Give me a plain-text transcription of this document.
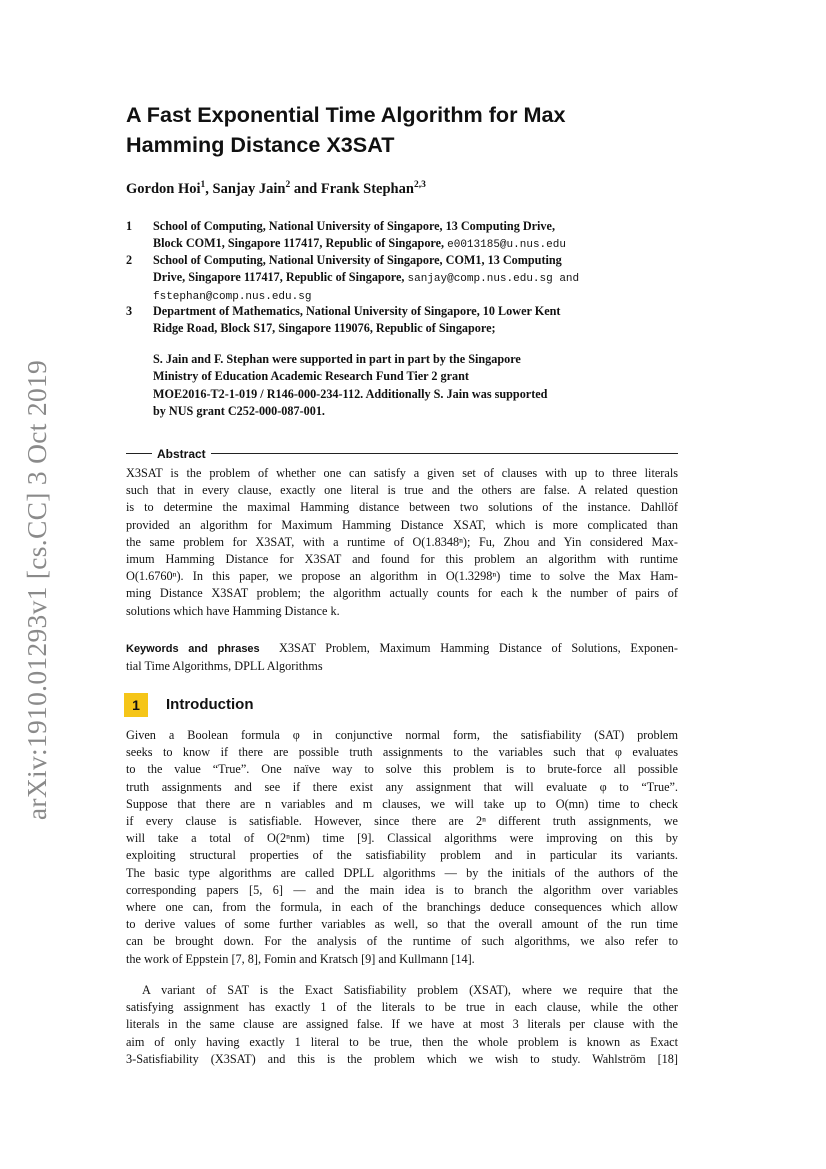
arXiv:1910.01293v1 [cs.CC] 3 Oct 2019
A Fast Exponential Time Algorithm for Max
Hamming Distance X3SAT
Gordon Hoi$^1$, Sanjay Jain$^2$ and Frank Stephan$^{2,3}$
1	School of Computing, National University of Singapore, 13 Computing Drive,
Block COM1, Singapore 117417, Republic of Singapore, e0013185@u.nus.edu
2	School of Computing, National University of Singapore, COM1, 13 Computing
Drive, Singapore 117417, Republic of Singapore, sanjay@comp.nus.edu.sg and
fstephan@comp.nus.edu.sg
3	Department of Mathematics, National University of Singapore, 10 Lower Kent
Ridge Road, Block S17, Singapore 119076, Republic of Singapore;
S. Jain and F. Stephan were supported in part in part by the Singapore
Ministry of Education Academic Research Fund Tier 2 grant
MOE2016-T2-1-019 / R146-000-234-112. Additionally S. Jain was supported
by NUS grant C252-000-087-001.
Abstract
X3SAT is the problem of whether one can satisfy a given set of clauses with up to three literals
such that in every clause, exactly one literal is true and the others are false. A related question
is to determine the maximal Hamming distance between two solutions of the instance. Dahllöf
provided an algorithm for Maximum Hamming Distance XSAT, which is more complicated than
the same problem for X3SAT, with a runtime of O(1.8348ⁿ); Fu, Zhou and Yin considered Max-
imum Hamming Distance for X3SAT and found for this problem an algorithm with runtime
O(1.6760ⁿ). In this paper, we propose an algorithm in O(1.3298ⁿ) time to solve the Max Ham-
ming Distance X3SAT problem; the algorithm actually counts for each k the number of pairs of
solutions which have Hamming Distance k.
Keywords and phrases X3SAT Problem, Maximum Hamming Distance of Solutions, Exponen-
tial Time Algorithms, DPLL Algorithms
1 Introduction
Given a Boolean formula φ in conjunctive normal form, the satisfiability (SAT) problem
seeks to know if there are possible truth assignments to the variables such that φ evaluates
to the value “True”. One naïve way to solve this problem is to brute-force all possible
truth assignments and see if there exist any assignment that will evaluate φ to “True”.
Suppose that there are n variables and m clauses, we will take up to O(mn) time to check
if every clause is satisfiable. However, since there are 2ⁿ different truth assignments, we
will take a total of O(2ⁿnm) time [9]. Classical algorithms were improving on this by
exploiting structural properties of the satisfiability problem and in particular its variants.
The basic type algorithms are called DPLL algorithms — by the initials of the authors of the
corresponding papers [5, 6] — and the main idea is to branch the algorithm over variables
where one can, from the formula, in each of the branchings deduce consequences which allow
to derive values of some further variables as well, so that the overall amount of the run time
can be brought down. For the analysis of the runtime of such algorithms, we also refer to
the work of Eppstein [7, 8], Fomin and Kratsch [9] and Kullmann [14].
A variant of SAT is the Exact Satisfiability problem (XSAT), where we require that the
satisfying assignment has exactly 1 of the literals to be true in each clause, while the other
literals in the same clause are assigned false. If we have at most 3 literals per clause with the
aim of only having exactly 1 literal to be true, then the whole problem is known as Exact
3-Satisfiability (X3SAT) and this is the problem which we wish to study. Wahlström [18]
